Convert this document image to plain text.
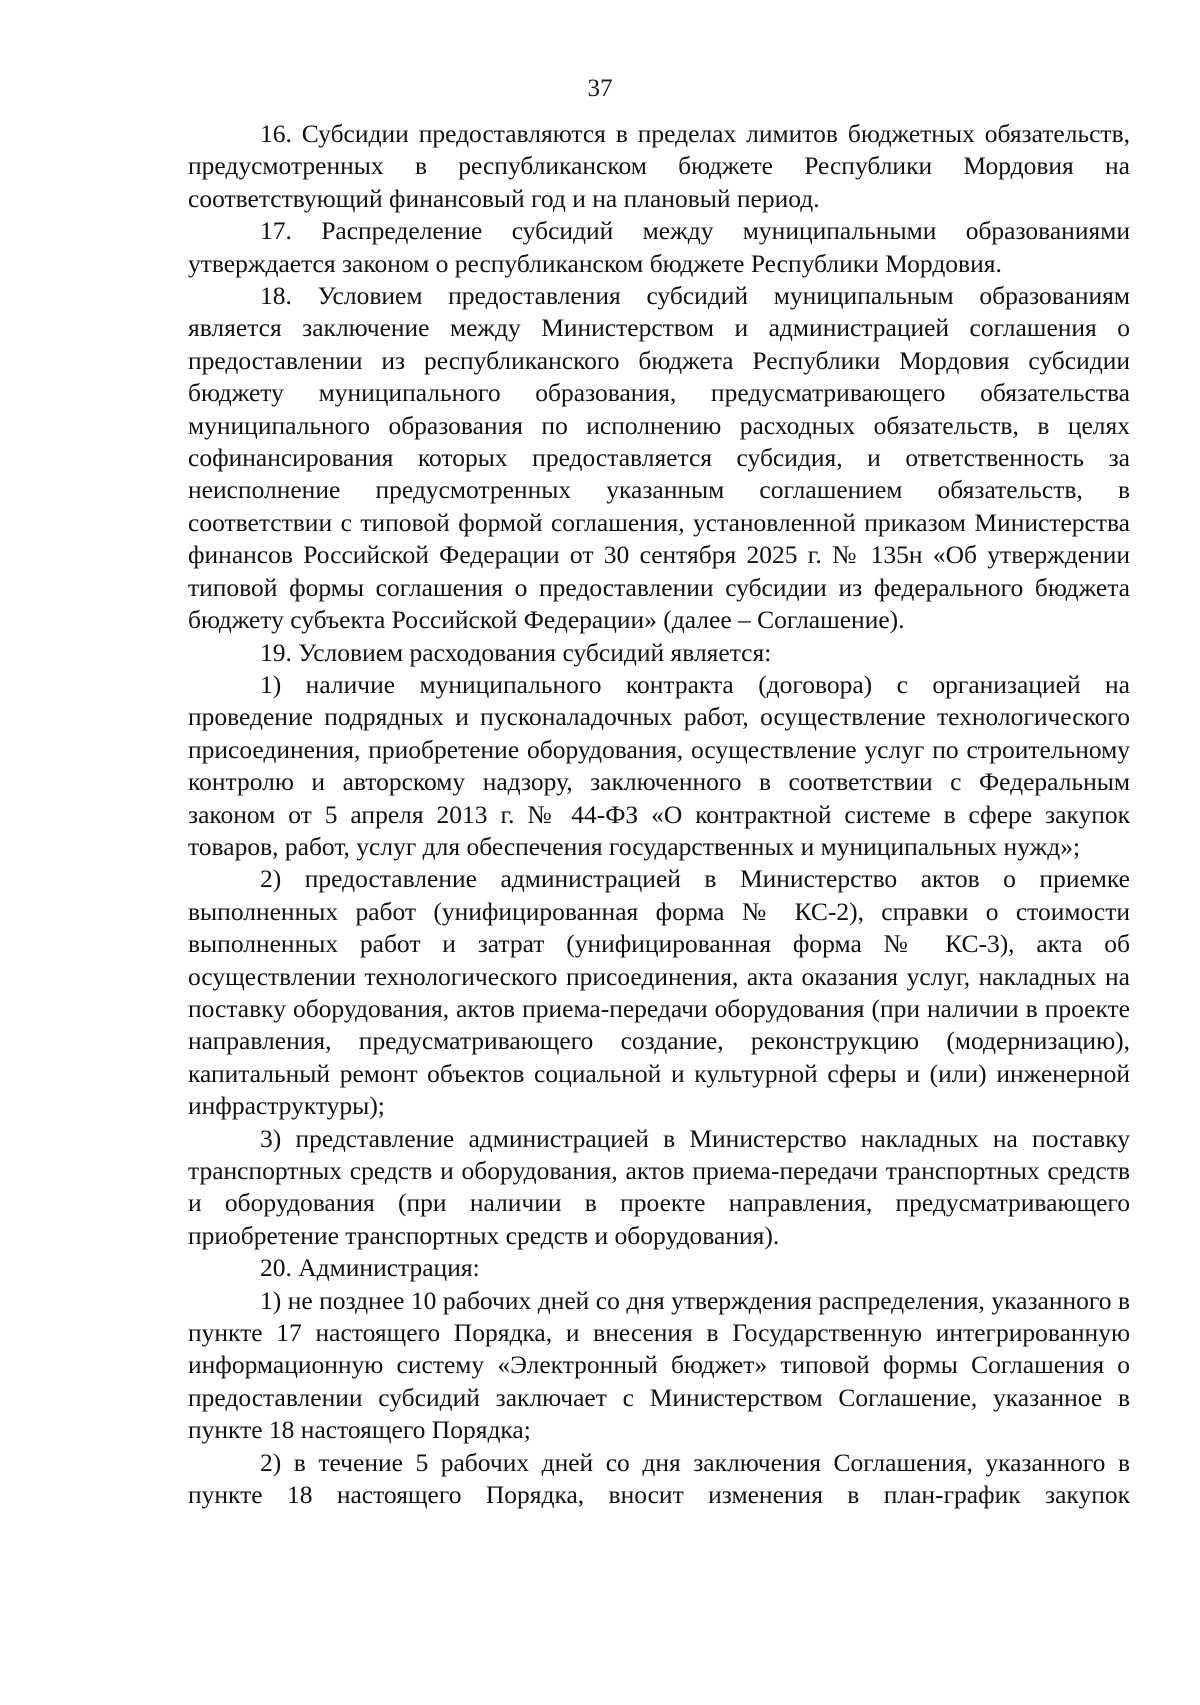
37

16. Субсидии предоставляются в пределах лимитов бюджетных обязательств, предусмотренных в республиканском бюджете Республики Мордовия на соответствующий финансовый год и на плановый период.

17. Распределение субсидий между муниципальными образованиями утверждается законом о республиканском бюджете Республики Мордовия.

18. Условием предоставления субсидий муниципальным образованиям является заключение между Министерством и администрацией соглашения о предоставлении из республиканского бюджета Республики Мордовия субсидии бюджету муниципального образования, предусматривающего обязательства муниципального образования по исполнению расходных обязательств, в целях софинансирования которых предоставляется субсидия, и ответственность за неисполнение предусмотренных указанным соглашением обязательств, в соответствии с типовой формой соглашения, установленной приказом Министерства финансов Российской Федерации от 30 сентября 2025 г. № 135н «Об утверждении типовой формы соглашения о предоставлении субсидии из федерального бюджета бюджету субъекта Российской Федерации» (далее – Соглашение).

19. Условием расходования субсидий является:

1) наличие муниципального контракта (договора) с организацией на проведение подрядных и пусконаладочных работ, осуществление технологического присоединения, приобретение оборудования, осуществление услуг по строительному контролю и авторскому надзору, заключенного в соответствии с Федеральным законом от 5 апреля 2013 г. № 44-ФЗ «О контрактной системе в сфере закупок товаров, работ, услуг для обеспечения государственных и муниципальных нужд»;

2) предоставление администрацией в Министерство актов о приемке выполненных работ (унифицированная форма № КС-2), справки о стоимости выполненных работ и затрат (унифицированная форма № КС-3), акта об осуществлении технологического присоединения, акта оказания услуг, накладных на поставку оборудования, актов приема-передачи оборудования (при наличии в проекте направления, предусматривающего создание, реконструкцию (модернизацию), капитальный ремонт объектов социальной и культурной сферы и (или) инженерной инфраструктуры);

3) представление администрацией в Министерство накладных на поставку транспортных средств и оборудования, актов приема-передачи транспортных средств и оборудования (при наличии в проекте направления, предусматривающего приобретение транспортных средств и оборудования).

20. Администрация:

1) не позднее 10 рабочих дней со дня утверждения распределения, указанного в пункте 17 настоящего Порядка, и внесения в Государственную интегрированную информационную систему «Электронный бюджет» типовой формы Соглашения о предоставлении субсидий заключает с Министерством Соглашение, указанное в пункте 18 настоящего Порядка;

2) в течение 5 рабочих дней со дня заключения Соглашения, указанного в пункте 18 настоящего Порядка, вносит изменения в план-график закупок
